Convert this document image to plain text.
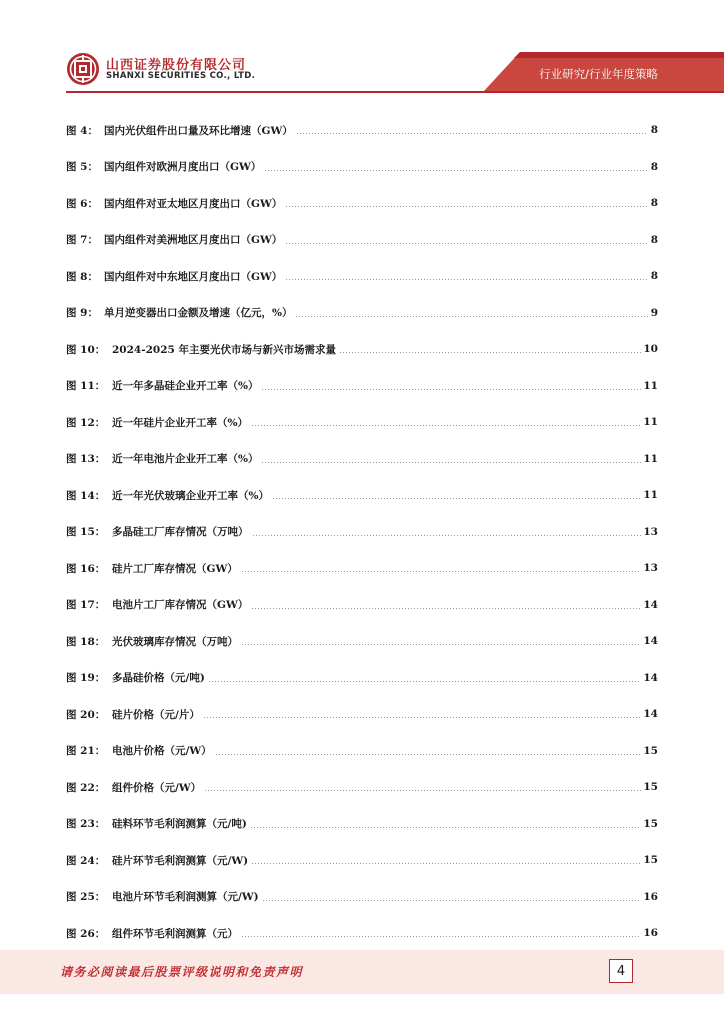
山西证券股份有限公司
SHANXI SECURITIES CO., LTD.	行业研究/行业年度策略
图 4： 国内光伏组件出口量及环比增速（GW）	8
图 5： 国内组件对欧洲月度出口（GW）	8
图 6： 国内组件对亚太地区月度出口（GW）	8
图 7： 国内组件对美洲地区月度出口（GW）	8
图 8： 国内组件对中东地区月度出口（GW）	8
图 9： 单月逆变器出口金额及增速（亿元，%）	9
图 10： 2024-2025 年主要光伏市场与新兴市场需求量	10
图 11： 近一年多晶硅企业开工率（%）	11
图 12： 近一年硅片企业开工率（%）	11
图 13： 近一年电池片企业开工率（%）	11
图 14： 近一年光伏玻璃企业开工率（%）	11
图 15： 多晶硅工厂库存情况（万吨）	13
图 16： 硅片工厂库存情况（GW）	13
图 17： 电池片工厂库存情况（GW）	14
图 18： 光伏玻璃库存情况（万吨）	14
图 19： 多晶硅价格（元/吨)	14
图 20： 硅片价格（元/片）	14
图 21： 电池片价格（元/W）	15
图 22： 组件价格（元/W）	15
图 23： 硅料环节毛利润测算（元/吨)	15
图 24： 硅片环节毛利润测算（元/W)	15
图 25： 电池片环节毛利润测算（元/W)	16
图 26： 组件环节毛利润测算（元）	16
请务必阅读最后股票评级说明和免责声明	4
